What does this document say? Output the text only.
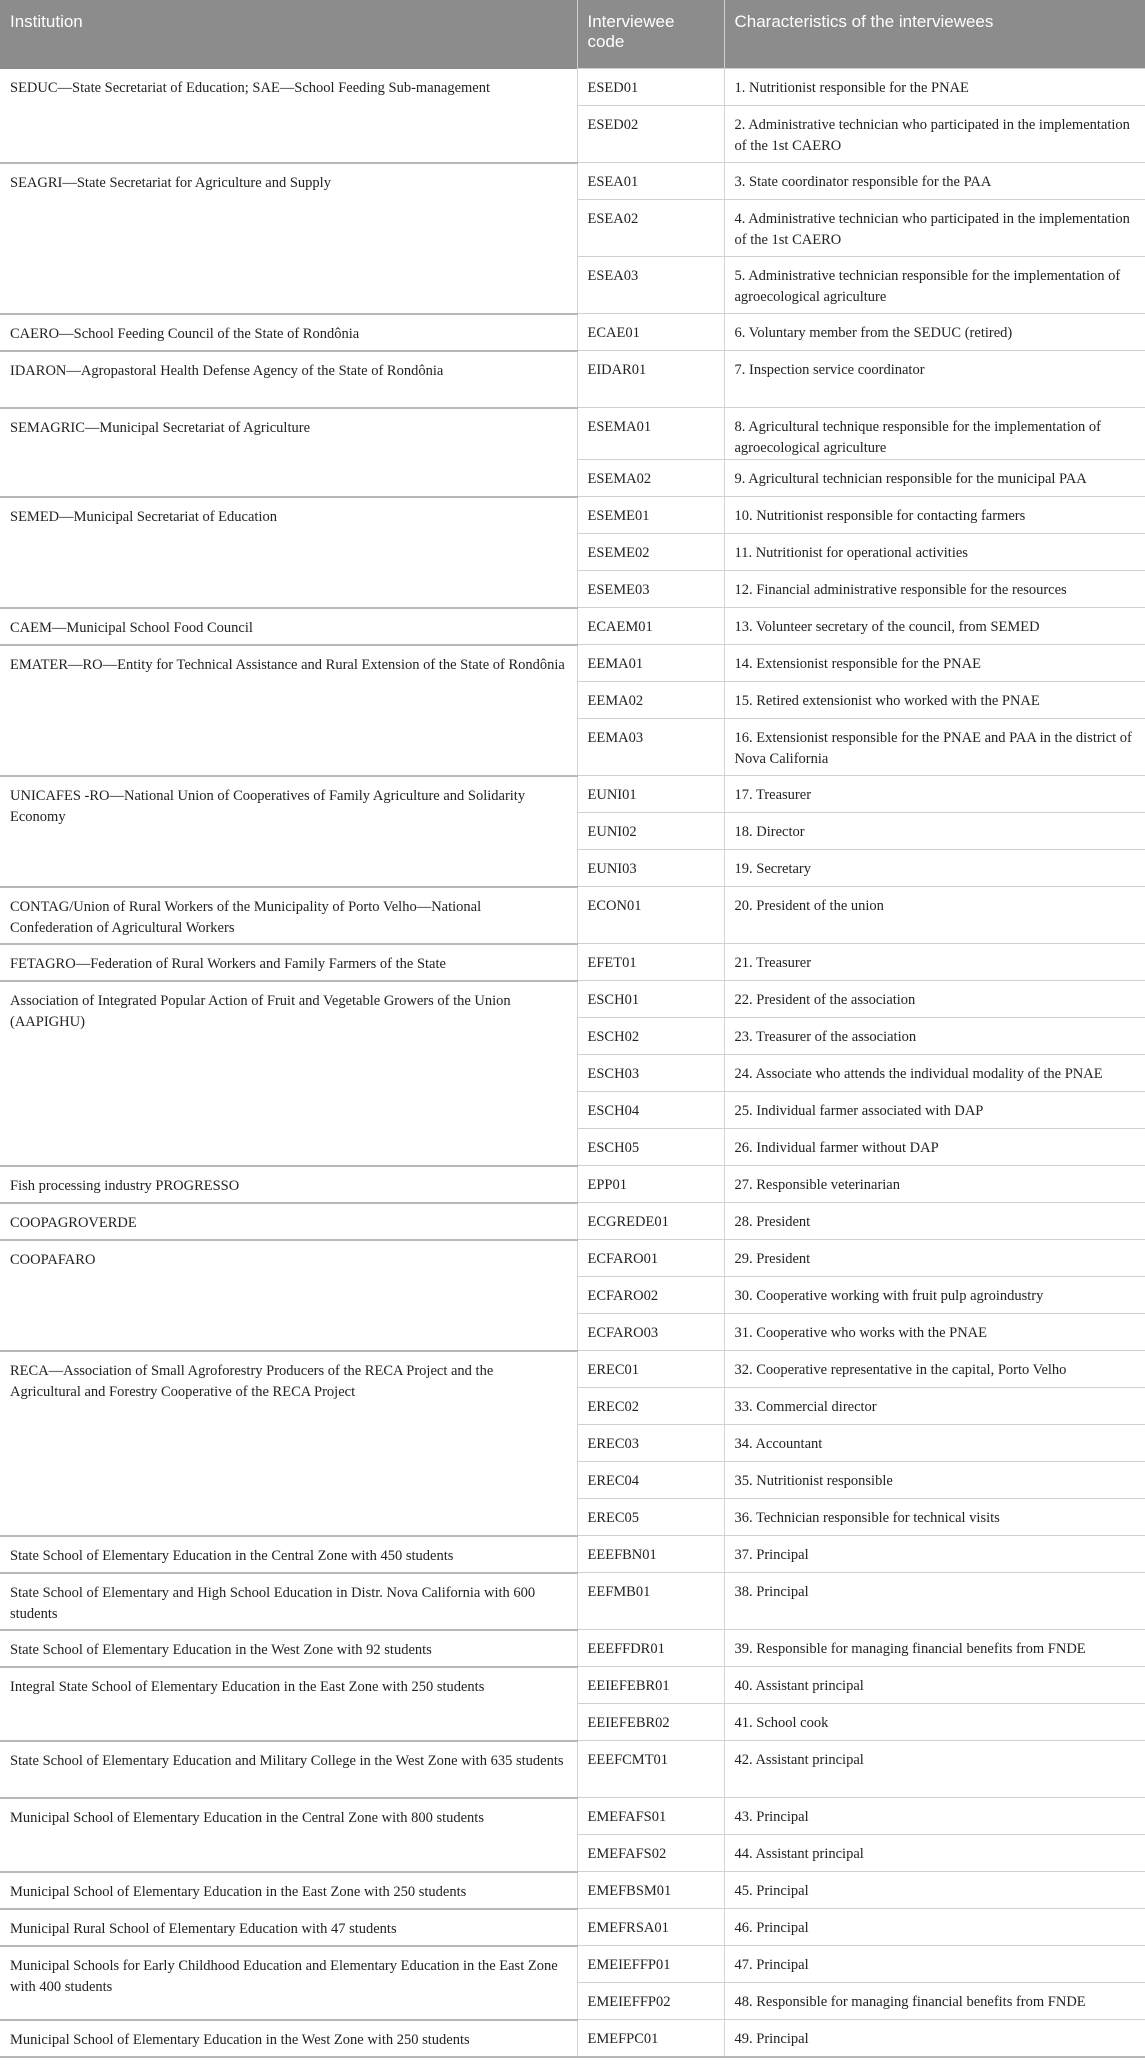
Institution	Interviewee code	Characteristics of the interviewees
SEDUC—State Secretariat of Education; SAE—School Feeding Sub-management	ESED01	1. Nutritionist responsible for the PNAE
	ESED02	2. Administrative technician who participated in the implementation of the 1st CAERO
SEAGRI—State Secretariat for Agriculture and Supply	ESEA01	3. State coordinator responsible for the PAA
	ESEA02	4. Administrative technician who participated in the implementation of the 1st CAERO
	ESEA03	5. Administrative technician responsible for the implementation of agroecological agriculture
CAERO—School Feeding Council of the State of Rondônia	ECAE01	6. Voluntary member from the SEDUC (retired)
IDARON—Agropastoral Health Defense Agency of the State of Rondônia	EIDAR01	7. Inspection service coordinator
SEMAGRIC—Municipal Secretariat of Agriculture	ESEMA01	8. Agricultural technique responsible for the implementation of agroecological agriculture
	ESEMA02	9. Agricultural technician responsible for the municipal PAA
SEMED—Municipal Secretariat of Education	ESEME01	10. Nutritionist responsible for contacting farmers
	ESEME02	11. Nutritionist for operational activities
	ESEME03	12. Financial administrative responsible for the resources
CAEM—Municipal School Food Council	ECAEM01	13. Volunteer secretary of the council, from SEMED
EMATER—RO—Entity for Technical Assistance and Rural Extension of the State of Rondônia	EEMA01	14. Extensionist responsible for the PNAE
	EEMA02	15. Retired extensionist who worked with the PNAE
	EEMA03	16. Extensionist responsible for the PNAE and PAA in the district of Nova California
UNICAFES -RO—National Union of Cooperatives of Family Agriculture and Solidarity Economy	EUNI01	17. Treasurer
	EUNI02	18. Director
	EUNI03	19. Secretary
CONTAG/Union of Rural Workers of the Municipality of Porto Velho—National Confederation of Agricultural Workers	ECON01	20. President of the union
FETAGRO—Federation of Rural Workers and Family Farmers of the State	EFET01	21. Treasurer
Association of Integrated Popular Action of Fruit and Vegetable Growers of the Union (AAPIGHU)	ESCH01	22. President of the association
	ESCH02	23. Treasurer of the association
	ESCH03	24. Associate who attends the individual modality of the PNAE
	ESCH04	25. Individual farmer associated with DAP
	ESCH05	26. Individual farmer without DAP
Fish processing industry PROGRESSO	EPP01	27. Responsible veterinarian
COOPAGROVERDE	ECGREDE01	28. President
COOPAFARO	ECFARO01	29. President
	ECFARO02	30. Cooperative working with fruit pulp agroindustry
	ECFARO03	31. Cooperative who works with the PNAE
RECA—Association of Small Agroforestry Producers of the RECA Project and the Agricultural and Forestry Cooperative of the RECA Project	EREC01	32. Cooperative representative in the capital, Porto Velho
	EREC02	33. Commercial director
	EREC03	34. Accountant
	EREC04	35. Nutritionist responsible
	EREC05	36. Technician responsible for technical visits
State School of Elementary Education in the Central Zone with 450 students	EEEFBN01	37. Principal
State School of Elementary and High School Education in Distr. Nova California with 600 students	EEFMB01	38. Principal
State School of Elementary Education in the West Zone with 92 students	EEEFFDR01	39. Responsible for managing financial benefits from FNDE
Integral State School of Elementary Education in the East Zone with 250 students	EEIEFEBR01	40. Assistant principal
	EEIEFEBR02	41. School cook
State School of Elementary Education and Military College in the West Zone with 635 students	EEEFCMT01	42. Assistant principal
Municipal School of Elementary Education in the Central Zone with 800 students	EMEFAFS01	43. Principal
	EMEFAFS02	44. Assistant principal
Municipal School of Elementary Education in the East Zone with 250 students	EMEFBSM01	45. Principal
Municipal Rural School of Elementary Education with 47 students	EMEFRSA01	46. Principal
Municipal Schools for Early Childhood Education and Elementary Education in the East Zone with 400 students	EMEIEFFP01	47. Principal
	EMEIEFFP02	48. Responsible for managing financial benefits from FNDE
Municipal School of Elementary Education in the West Zone with 250 students	EMEFPC01	49. Principal
